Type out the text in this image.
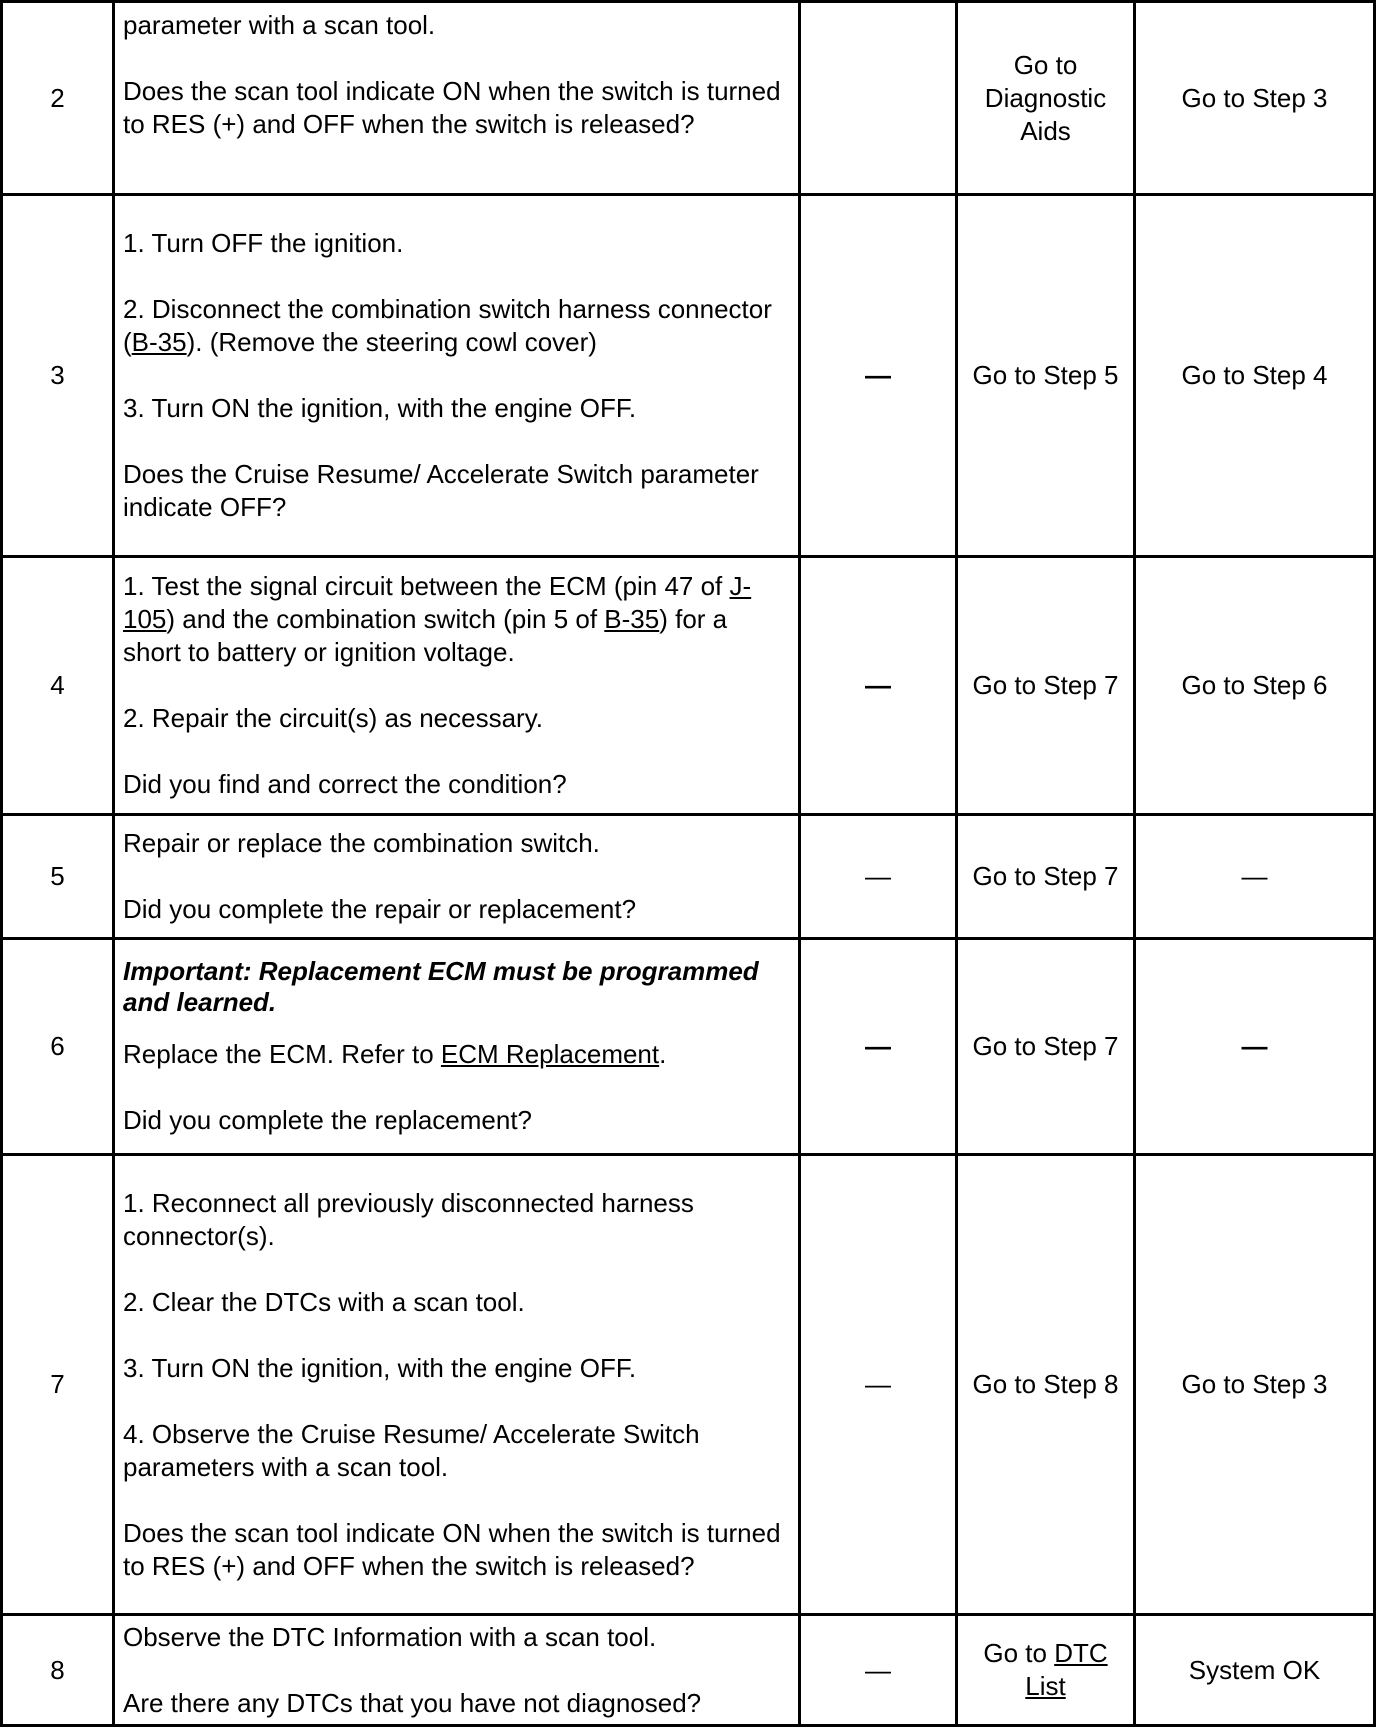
2	parameter with a scan tool.
Does the scan tool indicate ON when the switch is turned to RES (+) and OFF when the switch is released?		Go to Diagnostic Aids	Go to Step 3
3	1. Turn OFF the ignition.
2. Disconnect the combination switch harness connector (B-35). (Remove the steering cowl cover)
3. Turn ON the ignition, with the engine OFF.
Does the Cruise Resume/ Accelerate Switch parameter indicate OFF?	—	Go to Step 5	Go to Step 4
4	1. Test the signal circuit between the ECM (pin 47 of J-105) and the combination switch (pin 5 of B-35) for a short to battery or ignition voltage.
2. Repair the circuit(s) as necessary.
Did you find and correct the condition?	—	Go to Step 7	Go to Step 6
5	Repair or replace the combination switch.
Did you complete the repair or replacement?	—	Go to Step 7	—
6	Important: Replacement ECM must be programmed and learned.
Replace the ECM. Refer to ECM Replacement.
Did you complete the replacement?	—	Go to Step 7	—
7	1. Reconnect all previously disconnected harness connector(s).
2. Clear the DTCs with a scan tool.
3. Turn ON the ignition, with the engine OFF.
4. Observe the Cruise Resume/ Accelerate Switch parameters with a scan tool.
Does the scan tool indicate ON when the switch is turned to RES (+) and OFF when the switch is released?	—	Go to Step 8	Go to Step 3
8	Observe the DTC Information with a scan tool.
Are there any DTCs that you have not diagnosed?	—	Go to DTC List	System OK
